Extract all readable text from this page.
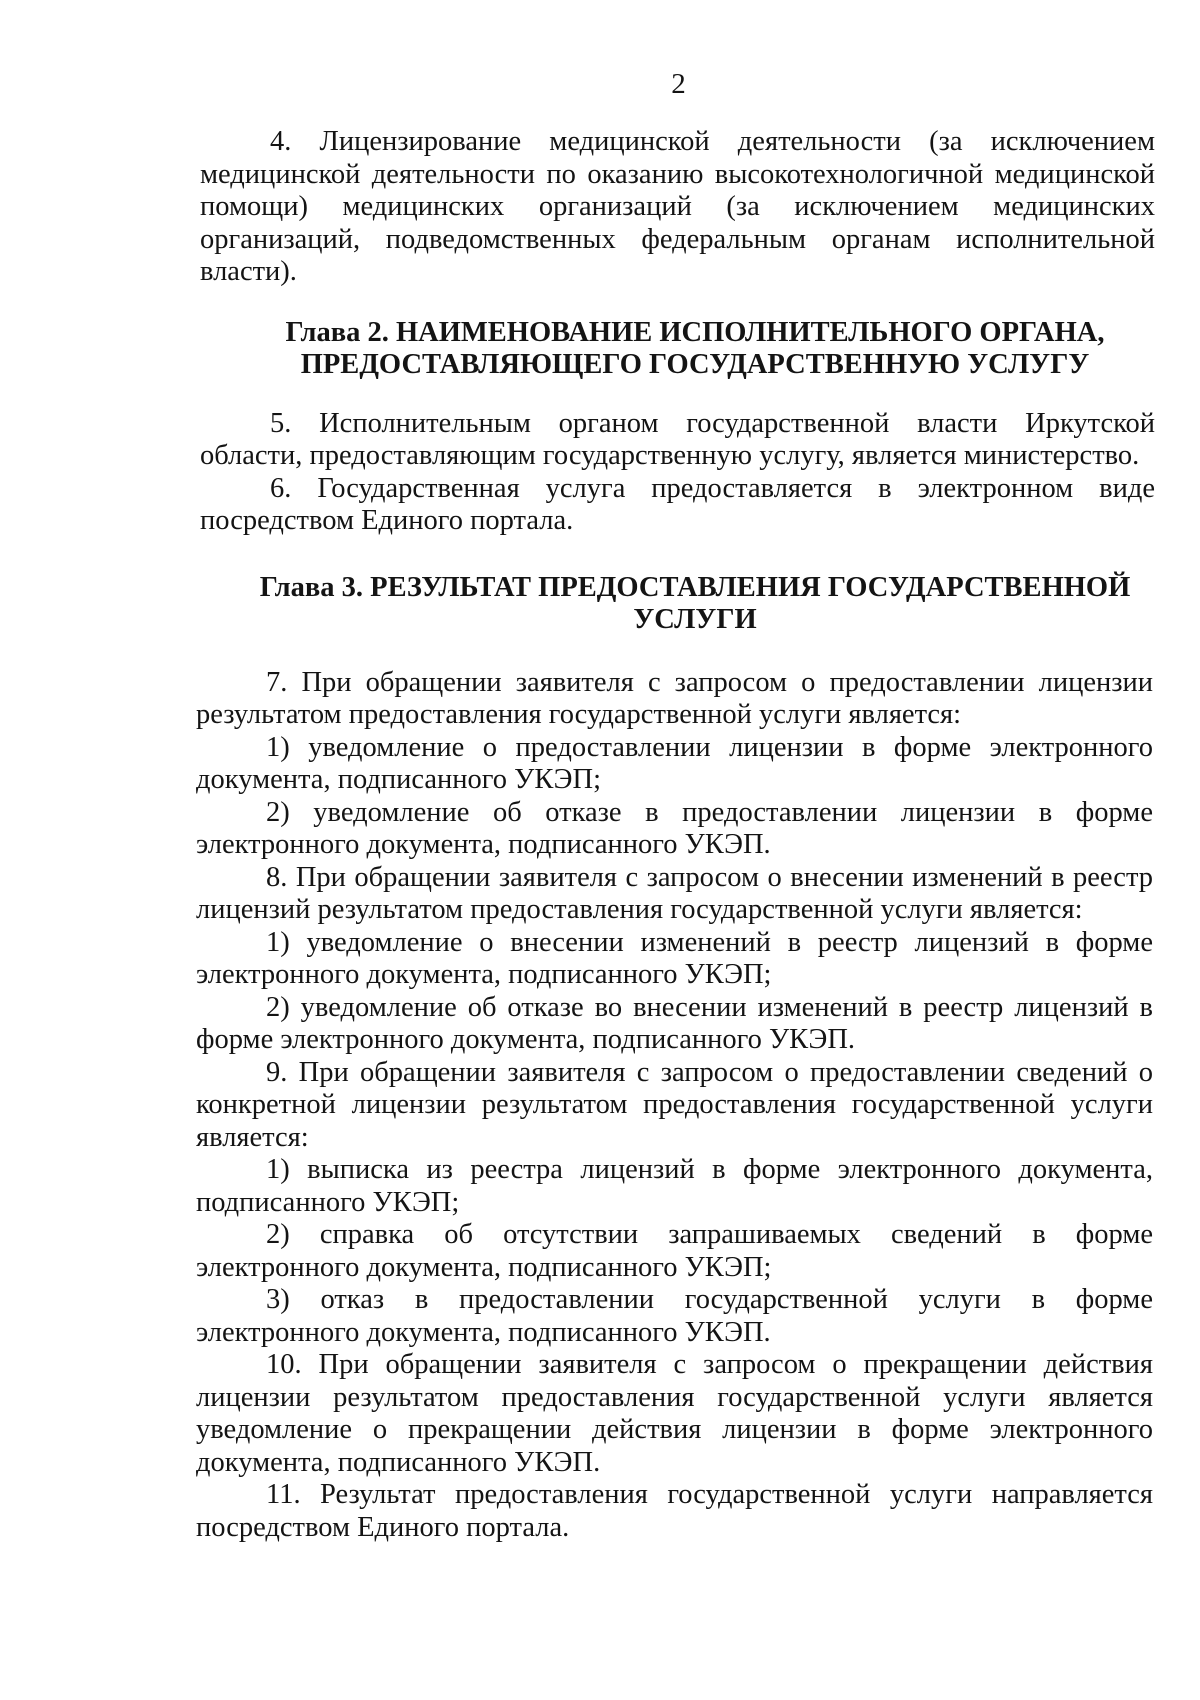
2

4. Лицензирование медицинской деятельности (за исключением медицинской деятельности по оказанию высокотехнологичной медицинской помощи) медицинских организаций (за исключением медицинских организаций, подведомственных федеральным органам исполнительной власти).

Глава 2. НАИМЕНОВАНИЕ ИСПОЛНИТЕЛЬНОГО ОРГАНА,
ПРЕДОСТАВЛЯЮЩЕГО ГОСУДАРСТВЕННУЮ УСЛУГУ

5. Исполнительным органом государственной власти Иркутской области, предоставляющим государственную услугу, является министерство.

6. Государственная услуга предоставляется в электронном виде посредством Единого портала.

Глава 3. РЕЗУЛЬТАТ ПРЕДОСТАВЛЕНИЯ ГОСУДАРСТВЕННОЙ
УСЛУГИ

7. При обращении заявителя с запросом о предоставлении лицензии результатом предоставления государственной услуги является:

1) уведомление о предоставлении лицензии в форме электронного документа, подписанного УКЭП;

2) уведомление об отказе в предоставлении лицензии в форме электронного документа, подписанного УКЭП.

8. При обращении заявителя с запросом о внесении изменений в реестр лицензий результатом предоставления государственной услуги является:

1) уведомление о внесении изменений в реестр лицензий в форме электронного документа, подписанного УКЭП;

2) уведомление об отказе во внесении изменений в реестр лицензий в форме электронного документа, подписанного УКЭП.

9. При обращении заявителя с запросом о предоставлении сведений о конкретной лицензии результатом предоставления государственной услуги является:

1) выписка из реестра лицензий в форме электронного документа, подписанного УКЭП;

2) справка об отсутствии запрашиваемых сведений в форме электронного документа, подписанного УКЭП;

3) отказ в предоставлении государственной услуги в форме электронного документа, подписанного УКЭП.

10. При обращении заявителя с запросом о прекращении действия лицензии результатом предоставления государственной услуги является уведомление о прекращении действия лицензии в форме электронного документа, подписанного УКЭП.

11. Результат предоставления государственной услуги направляется посредством Единого портала.
